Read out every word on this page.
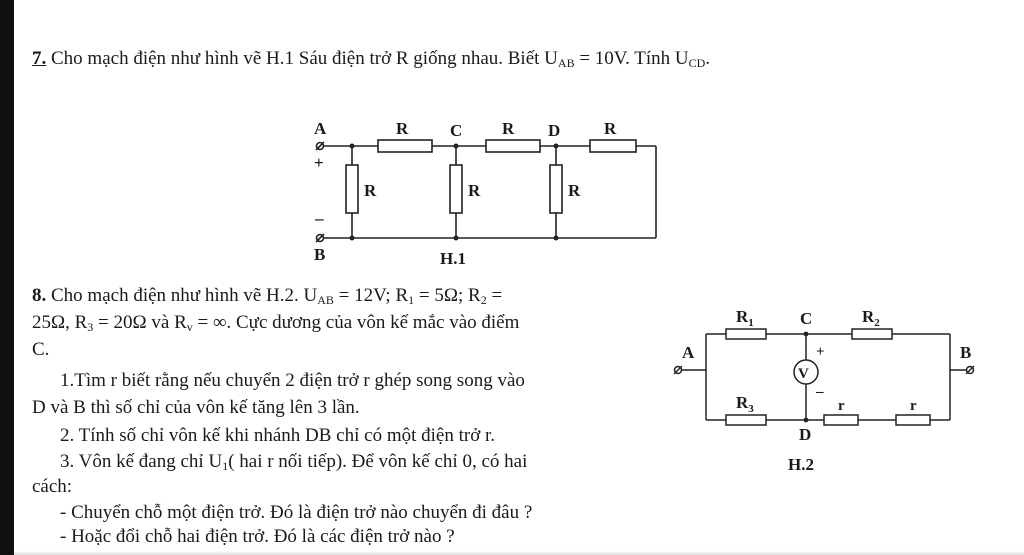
7. Cho mạch điện như hình vẽ H.1 Sáu điện trở R giống nhau. Biết $U_{AB} = 10V$. Tính $U_{CD}$.
A
+
–
B
R C R D	R
R	R	R
H.1
8. Cho mạch điện như hình vẽ H.2. $U_{AB} = 12V$; $R_1 = 5\Omega$; $R_2$ =
25Ω, $R_3 = 20\Omega$ và $R_v$ = ∞. Cực dương của vôn kế mắc vào điểm
C.
1.Tìm r biết rằng nếu chuyển 2 điện trở r ghép song song vào
D và B thì số chỉ của vôn kế tăng lên 3 lần.
2. Tính số chỉ vôn kế khi nhánh DB chỉ có một điện trở r.
3. Vôn kế đang chỉ $U_1$( hai r nối tiếp). Để vôn kế chỉ 0, có hai
cách:
- Chuyển chỗ một điện trở. Đó là điện trở nào chuyển đi đâu ?
- Hoặc đổi chỗ hai điện trở. Đó là các điện trở nào ?
V
+
–
A	B
C
D
$R_1$	$R_2$
$R_3$	r	r
H.2
